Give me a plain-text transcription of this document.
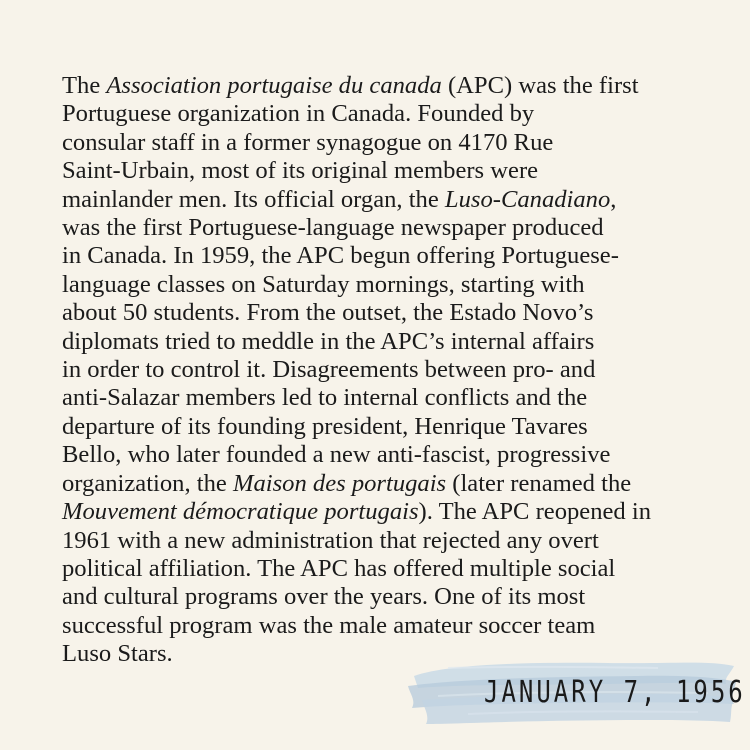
The Association portugaise du canada (APC) was the first
Portuguese organization in Canada. Founded by
consular staff in a former synagogue on 4170 Rue
Saint-Urbain, most of its original members were
mainlander men. Its official organ, the Luso-Canadiano,
was the first Portuguese-language newspaper produced
in Canada. In 1959, the APC begun offering Portuguese-
language classes on Saturday mornings, starting with
about 50 students. From the outset, the Estado Novo’s
diplomats tried to meddle in the APC’s internal affairs
in order to control it. Disagreements between pro- and
anti-Salazar members led to internal conflicts and the
departure of its founding president, Henrique Tavares
Bello, who later founded a new anti-fascist, progressive
organization, the Maison des portugais (later renamed the
Mouvement démocratique portugais). The APC reopened in
1961 with a new administration that rejected any overt
political affiliation. The APC has offered multiple social
and cultural programs over the years. One of its most
successful program was the male amateur soccer team
Luso Stars.

JANUARY 7, 1956
